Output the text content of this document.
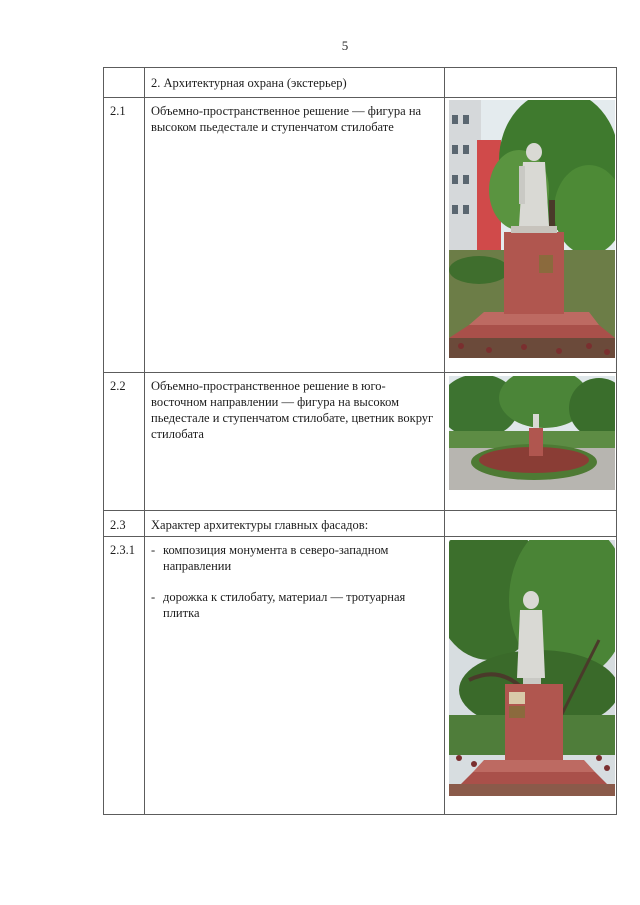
5
2. Архитектурная охрана (экстерьер)
2.1	Объемно-пространственное решение — фигура на высоком пьедестале и ступенчатом стилобате
2.2	Объемно-пространственное решение в юго-восточном направлении — фигура на высоком пьедестале и ступенчатом стилобате, цветник вокруг стилобата
2.3	Характер архитектуры главных фасадов:
2.3.1	- композиция монумента в северо-западном направлении
- дорожка к стилобату, материал — тротуарная плитка
